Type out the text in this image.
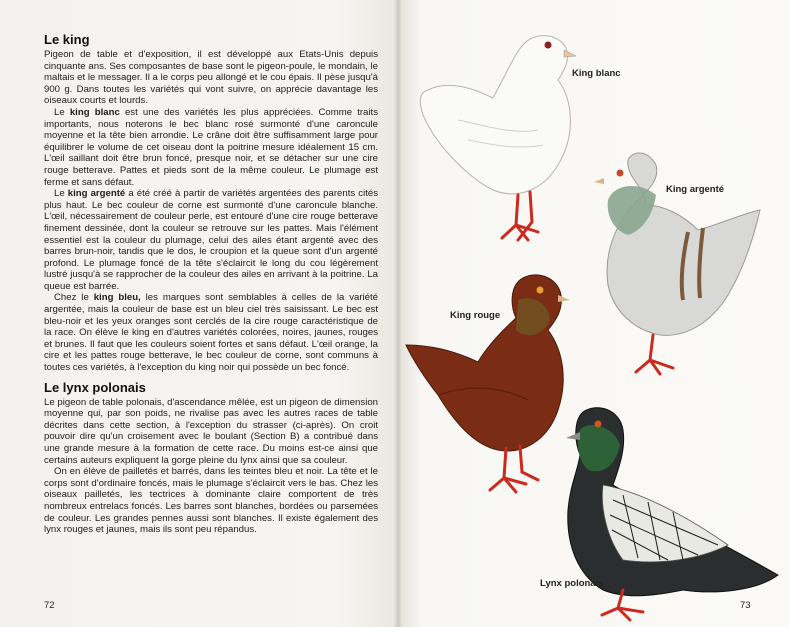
Le king

Pigeon de table et d'exposition, il est développé aux Etats-Unis depuis cinquante ans. Ses composantes de base sont le pigeon-poule, le mondain, le maltais et le messager. Il a le corps peu allongé et le cou épais. Il pèse jusqu'à 900 g. Dans toutes les variétés qui vont suivre, on apprécie davantage les oiseaux courts et lourds.

Le king blanc est une des variétés les plus appréciées. Comme traits importants, nous noterons le bec blanc rosé surmonté d'une caroncule moyenne et la tête bien arrondie. Le crâne doit être suffisamment large pour équilibrer le volume de cet oiseau dont la poitrine mesure idéalement 15 cm. L'œil saillant doit être brun foncé, presque noir, et se détacher sur une cire rouge betterave. Pattes et pieds sont de la même couleur. Le plumage est ferme et sans défaut.

Le king argenté a été créé à partir de variétés argentées des parents cités plus haut. Le bec couleur de corne est surmonté d'une caroncule blanche. L'œil, nécessairement de couleur perle, est entouré d'une cire rouge betterave finement dessinée, dont la couleur se retrouve sur les pattes. Mais l'élément essentiel est la couleur du plumage, celui des ailes étant argenté avec des barres brun-noir, tandis que le dos, le croupion et la queue sont d'un argenté profond. Le plumage foncé de la tête s'éclaircit le long du cou légèrement lustré jusqu'à se rapprocher de la couleur des ailes en arrivant à la poitrine. La queue est barrée.

Chez le king bleu, les marques sont semblables à celles de la variété argentée, mais la couleur de base est un bleu ciel très saisissant. Le bec est bleu-noir et les yeux oranges sont cerclés de la cire rouge caractéristique de la race. On élève le king en d'autres variétés colorées, noires, jaunes, rouges et brunes. Il faut que les couleurs soient fortes et sans défaut. L'œil orange, la cire et les pattes rouge betterave, le bec couleur de corne, sont communs à toutes ces variétés, à l'exception du king noir qui possède un bec foncé.

Le lynx polonais

Le pigeon de table polonais, d'ascendance mêlée, est un pigeon de dimension moyenne qui, par son poids, ne rivalise pas avec les autres races de table décrites dans cette section, à l'exception du strasser (ci-après). On croit pouvoir dire qu'un croisement avec le boulant (Section B) a contribué dans une grande mesure à la formation de cette race. Du moins est-ce ainsi que certains auteurs expliquent la gorge pleine du lynx ainsi que sa couleur.

On en élève de pailletés et barrés, dans les teintes bleu et noir. La tête et le corps sont d'ordinaire foncés, mais le plumage s'éclaircit vers le bas. Chez les oiseaux pailletés, les tectrices à dominante claire comportent de très nombreux entrelacs foncés. Les barres sont blanches, bordées ou parsemées de couleur. Les grandes pennes aussi sont blanches. Il existe également des lynx rouges et jaunes, mais ils sont peu répandus.

72	73
King blanc
King argenté
King rouge
Lynx polonais
